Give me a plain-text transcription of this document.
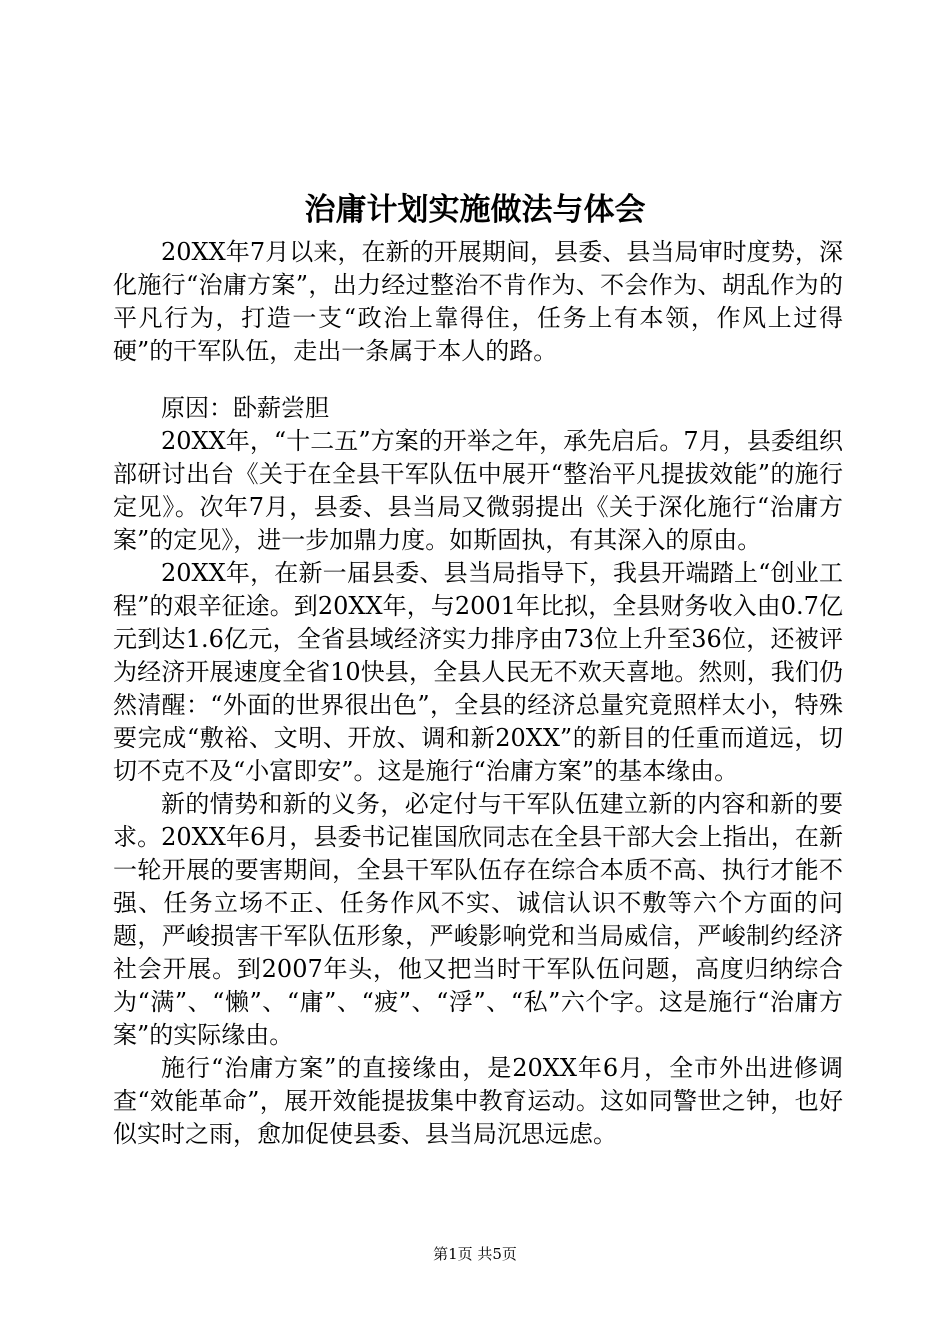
治庸计划实施做法与体会

20XX年7月以来，在新的开展期间，县委、县当局审时度势，深化施行“治庸方案”，出力经过整治不肯作为、不会作为、胡乱作为的平凡行为，打造一支“政治上靠得住，任务上有本领，作风上过得硬”的干军队伍，走出一条属于本人的路。

原因：卧薪尝胆

20XX年，“十二五”方案的开举之年，承先启后。7月，县委组织部研讨出台《关于在全县干军队伍中展开“整治平凡提拔效能”的施行定见》。次年7月，县委、县当局又微弱提出《关于深化施行“治庸方案”的定见》，进一步加鼎力度。如斯固执，有其深入的原由。

20XX年，在新一届县委、县当局指导下，我县开端踏上“创业工程”的艰辛征途。到20XX年，与2001年比拟，全县财务收入由0.7亿元到达1.6亿元，全省县域经济实力排序由73位上升至36位，还被评为经济开展速度全省10快县，全县人民无不欢天喜地。然则，我们仍然清醒：“外面的世界很出色”，全县的经济总量究竟照样太小，特殊要完成“敷裕、文明、开放、调和新20XX”的新目的任重而道远，切切不克不及“小富即安”。这是施行“治庸方案”的基本缘由。

新的情势和新的义务，必定付与干军队伍建立新的内容和新的要求。20XX年6月，县委书记崔国欣同志在全县干部大会上指出，在新一轮开展的要害期间，全县干军队伍存在综合本质不高、执行才能不强、任务立场不正、任务作风不实、诚信认识不敷等六个方面的问题，严峻损害干军队伍形象，严峻影响党和当局威信，严峻制约经济社会开展。到2007年头，他又把当时干军队伍问题，高度归纳综合为“满”、“懒”、“庸”、“疲”、“浮”、“私”六个字。这是施行“治庸方案”的实际缘由。

施行“治庸方案”的直接缘由，是20XX年6月，全市外出进修调查“效能革命”，展开效能提拔集中教育运动。这如同警世之钟，也好似实时之雨，愈加促使县委、县当局沉思远虑。

第1页 共5页
